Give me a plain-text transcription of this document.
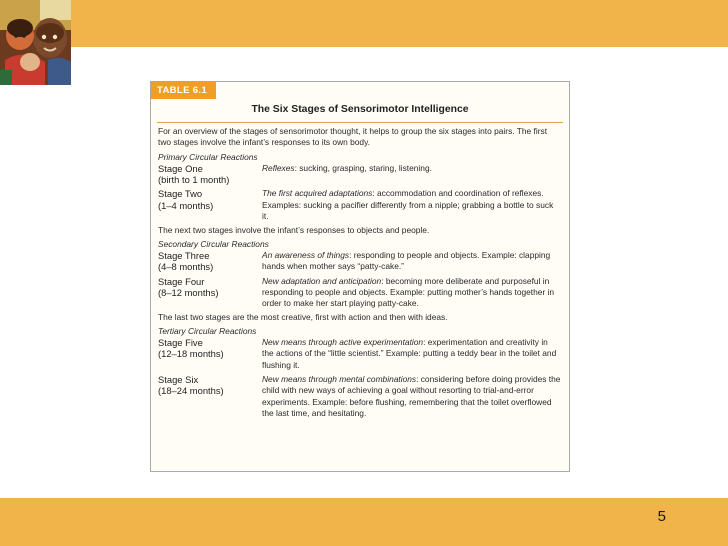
TABLE 6.1
The Six Stages of Sensorimotor Intelligence

For an overview of the stages of sensorimotor thought, it helps to group the six stages into pairs. The first two stages involve the infant’s responses to its own body.

Primary Circular Reactions

Stage One
(birth to 1 month)
Reflexes: sucking, grasping, staring, listening.
Stage Two
(1–4 months)
The first acquired adaptations: accommodation and coordination of reflexes. Examples: sucking a pacifier differently from a nipple; grabbing a bottle to suck it.

The next two stages involve the infant’s responses to objects and people.

Secondary Circular Reactions

Stage Three
(4–8 months)
An awareness of things: responding to people and objects. Example: clapping hands when mother says “patty-cake.”
Stage Four
(8–12 months)
New adaptation and anticipation: becoming more deliberate and purposeful in responding to people and objects. Example: putting mother’s hands together in order to make her start playing patty-cake.

The last two stages are the most creative, first with action and then with ideas.

Tertiary Circular Reactions

Stage Five
(12–18 months)
New means through active experimentation: experimentation and creativity in the actions of the “little scientist.” Example: putting a teddy bear in the toilet and flushing it.
Stage Six
(18–24 months)
New means through mental combinations: considering before doing provides the child with new ways of achieving a goal without resorting to trial-and-error experiments. Example: before flushing, remembering that the toilet overflowed the last time, and hesitating.
5
